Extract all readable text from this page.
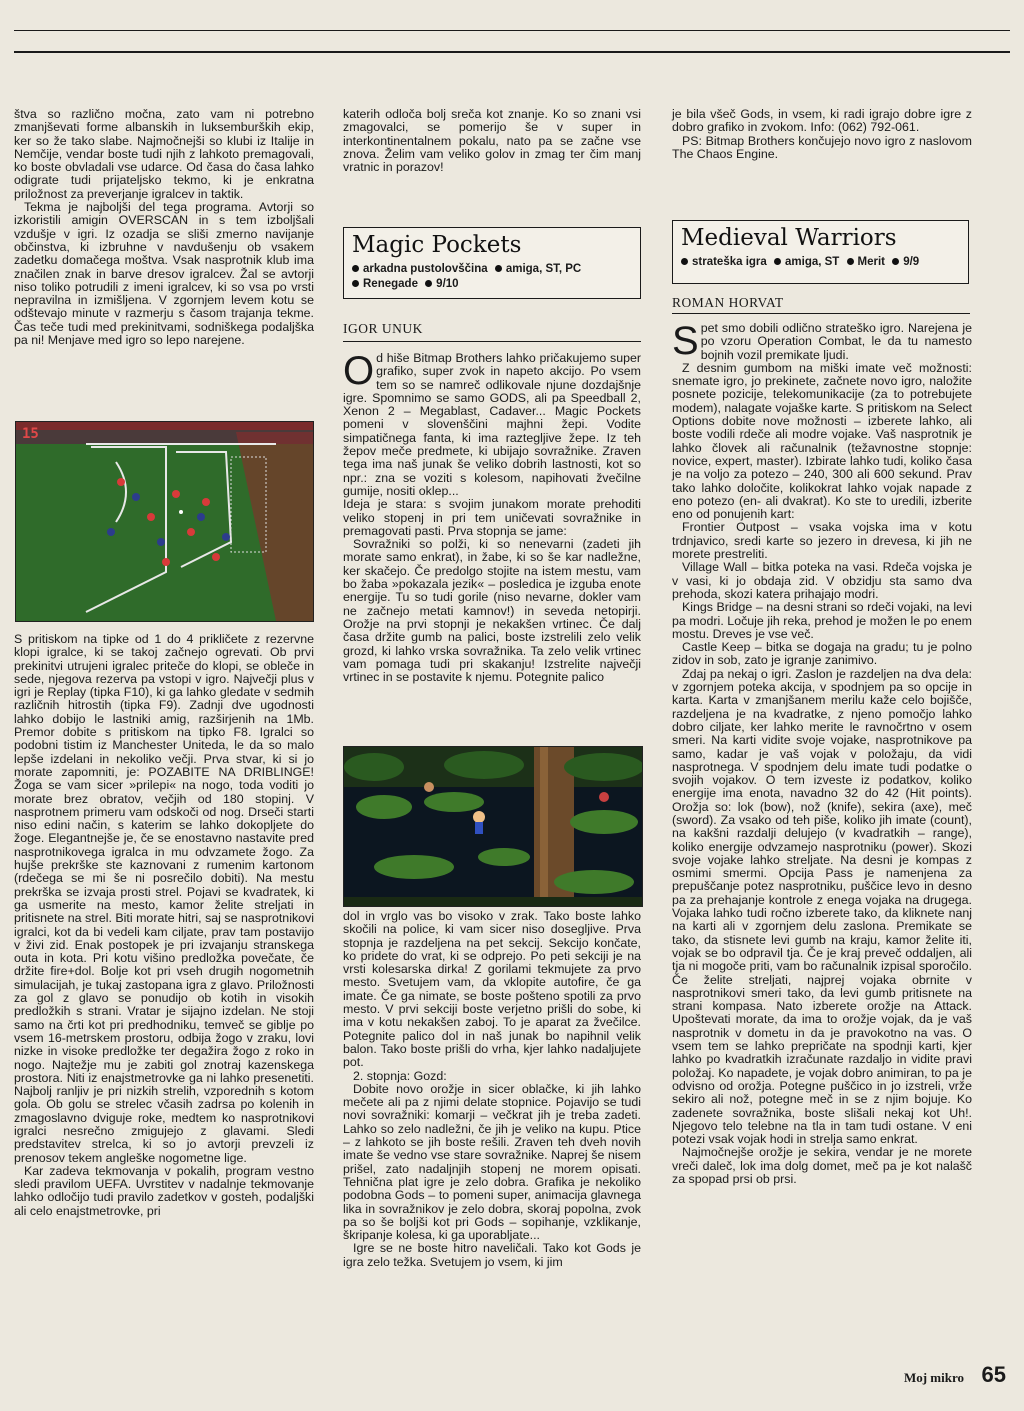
štva so različno močna, zato vam ni potrebno zmanjševati forme albanskih in luksemburških ekip, ker so že tako slabe. Najmočnejši so klubi iz Italije in Nemčije, vendar boste tudi njih z lahkoto premagovali, ko boste obvladali vse udarce. Od časa do časa lahko odigrate tudi prijateljsko tekmo, ki je enkratna priložnost za preverjanje igralcev in taktik.

Tekma je najboljši del tega programa. Avtorji so izkoristili amigin OVERSCAN in s tem izboljšali vzdušje v igri. Iz ozadja se sliši zmerno navijanje občinstva, ki izbruhne v navdušenju ob vsakem zadetku domačega moštva. Vsak nasprotnik klub ima značilen znak in barve dresov igralcev. Žal se avtorji niso toliko potrudili z imeni igralcev, ki so vsa po vrsti nepravilna in izmišljena. V zgornjem levem kotu se odštevajo minute v razmerju s časom trajanja tekme. Čas teče tudi med prekinitvami, sodniškega podaljška pa ni! Menjave med igro so lepo narejene.

15

S pritiskom na tipke od 1 do 4 prikličete z rezervne klopi igralce, ki se takoj začnejo ogrevati. Ob prvi prekinitvi utrujeni igralec priteče do klopi, se obleče in sede, njegova rezerva pa vstopi v igro. Največji plus v igri je Replay (tipka F10), ki ga lahko gledate v sedmih različnih hitrostih (tipka F9). Zadnji dve ugodnosti lahko dobijo le lastniki amig, razširjenih na 1Mb. Premor dobite s pritiskom na tipko F8. Igralci so podobni tistim iz Manchester Uniteda, le da so malo lepše izdelani in nekoliko večji. Prva stvar, ki si jo morate zapomniti, je: POZABITE NA DRIBLINGE! Žoga se vam sicer »prilepi« na nogo, toda voditi jo morate brez obratov, večjih od 180 stopinj. V nasprotnem primeru vam odskoči od nog. Drseči starti niso edini način, s katerim se lahko dokopljete do žoge. Elegantnejše je, če se enostavno nastavite pred nasprotnikovega igralca in mu odvzamete žogo. Za hujše prekrške ste kaznovani z rumenim kartonom (rdečega se mi še ni posrečilo dobiti). Na mestu prekrška se izvaja prosti strel. Pojavi se kvadratek, ki ga usmerite na mesto, kamor želite streljati in pritisnete na strel. Biti morate hitri, saj se nasprotnikovi igralci, kot da bi vedeli kam ciljate, prav tam postavijo v živi zid. Enak postopek je pri izvajanju stranskega outa in kota. Pri kotu višino predložka povečate, če držite fire+dol. Bolje kot pri vseh drugih nogometnih simulacijah, je tukaj zastopana igra z glavo. Priložnosti za gol z glavo se ponudijo ob kotih in visokih predložkih s strani. Vratar je sijajno izdelan. Ne stoji samo na črti kot pri predhodniku, temveč se giblje po vsem 16-metrskem prostoru, odbija žogo v zraku, lovi nizke in visoke predložke ter degažira žogo z roko in nogo. Najtežje mu je zabiti gol znotraj kazenskega prostora. Niti iz enajstmetrovke ga ni lahko presenetiti. Najbolj ranljiv je pri nizkih strelih, vzporednih s kotom gola. Ob golu se strelec včasih zadrsa po kolenih in zmagoslavno dviguje roke, medtem ko nasprotnikovi igralci nesrečno zmigujejo z glavami. Sledi predstavitev strelca, ki so jo avtorji prevzeli iz prenosov tekem angleške nogometne lige.

Kar zadeva tekmovanja v pokalih, program vestno sledi pravilom UEFA. Uvrstitev v nadalnje tekmovanje lahko odločijo tudi pravilo zadetkov v gosteh, podaljški ali celo enajstmetrovke, pri

katerih odloča bolj sreča kot znanje. Ko so znani vsi zmagovalci, se pomerijo še v super in interkontinentalnem pokalu, nato pa se začne vse znova. Želim vam veliko golov in zmag ter čim manj vratnic in porazov!

Magic Pockets
arkadna pustolovščina amiga, ST, PC
Renegade 9/10
IGOR UNUK

Od hiše Bitmap Brothers lahko pričakujemo super grafiko, super zvok in napeto akcijo. Po vsem tem so se namreč odlikovale njune dozdajšnje igre. Spomnimo se samo GODS, ali pa Speedball 2, Xenon 2 – Megablast, Cadaver... Magic Pockets pomeni v slovenščini majhni žepi. Vodite simpatičnega fanta, ki ima raztegljive žepe. Iz teh žepov meče predmete, ki ubijajo sovražnike. Zraven tega ima naš junak še veliko dobrih lastnosti, kot so npr.: zna se voziti s kolesom, napihovati žvečilne gumije, nositi oklep...

Ideja je stara: s svojim junakom morate prehoditi veliko stopenj in pri tem uničevati sovražnike in premagovati pasti. Prva stopnja se jame:

Sovražniki so polži, ki so nenevarni (zadeti jih morate samo enkrat), in žabe, ki so še kar nadležne, ker skačejo. Če predolgo stojite na istem mestu, vam bo žaba »pokazala jezik« – posledica je izguba enote energije. Tu so tudi gorile (niso nevarne, dokler vam ne začnejo metati kamnov!) in seveda netopirji. Orožje na prvi stopnji je nekakšen vrtinec. Če dalj časa držite gumb na palici, boste izstrelili zelo velik grozd, ki lahko vrska sovražnika. Ta zelo velik vrtinec vam pomaga tudi pri skakanju! Izstrelite največji vrtinec in se postavite k njemu. Potegnite palico

dol in vrglo vas bo visoko v zrak. Tako boste lahko skočili na police, ki vam sicer niso dosegljive. Prva stopnja je razdeljena na pet sekcij. Sekcijo končate, ko pridete do vrat, ki se odprejo. Po peti sekciji je na vrsti kolesarska dirka! Z gorilami tekmujete za prvo mesto. Svetujem vam, da vklopite autofire, če ga imate. Če ga nimate, se boste pošteno spotili za prvo mesto. V prvi sekciji boste verjetno prišli do sobe, ki ima v kotu nekakšen zaboj. To je aparat za žvečilce. Potegnite palico dol in naš junak bo napihnil velik balon. Tako boste prišli do vrha, kjer lahko nadaljujete pot.

2. stopnja: Gozd:

Dobite novo orožje in sicer oblačke, ki jih lahko mečete ali pa z njimi delate stopnice. Pojavijo se tudi novi sovražniki: komarji – večkrat jih je treba zadeti. Lahko so zelo nadležni, če jih je veliko na kupu. Ptice – z lahkoto se jih boste rešili. Zraven teh dveh novih imate še vedno vse stare sovražnike. Naprej še nisem prišel, zato nadaljnjih stopenj ne morem opisati. Tehnična plat igre je zelo dobra. Grafika je nekoliko podobna Gods – to pomeni super, animacija glavnega lika in sovražnikov je zelo dobra, skoraj popolna, zvok pa so še boljši kot pri Gods – sopihanje, vzklikanje, škripanje kolesa, ki ga uporabljate...

Igre se ne boste hitro naveličali. Tako kot Gods je igra zelo težka. Svetujem jo vsem, ki jim

je bila všeč Gods, in vsem, ki radi igrajo dobre igre z dobro grafiko in zvokom. Info: (062) 792-061.

PS: Bitmap Brothers končujejo novo igro z naslovom The Chaos Engine.

Medieval Warriors
strateška igra amiga, ST Merit 9/9
ROMAN HORVAT

Spet smo dobili odlično strateško igro. Narejena je po vzoru Operation Combat, le da tu namesto bojnih vozil premikate ljudi.

Z desnim gumbom na miški imate več možnosti: snemate igro, jo prekinete, začnete novo igro, naložite posnete pozicije, telekomunikacije (za to potrebujete modem), nalagate vojaške karte. S pritiskom na Select Options dobite nove možnosti – izberete lahko, ali boste vodili rdeče ali modre vojake. Vaš nasprotnik je lahko človek ali računalnik (težavnostne stopnje: novice, expert, master). Izbirate lahko tudi, koliko časa je na voljo za potezo – 240, 300 ali 600 sekund. Prav tako lahko določite, kolikokrat lahko vojak napade z eno potezo (en- ali dvakrat). Ko ste to uredili, izberite eno od ponujenih kart:

Frontier Outpost – vsaka vojska ima v kotu trdnjavico, sredi karte so jezero in drevesa, ki jih ne morete prestreliti.

Village Wall – bitka poteka na vasi. Rdeča vojska je v vasi, ki jo obdaja zid. V obzidju sta samo dva prehoda, skozi katera prihajajo modri.

Kings Bridge – na desni strani so rdeči vojaki, na levi pa modri. Ločuje jih reka, prehod je možen le po enem mostu. Dreves je vse več.

Castle Keep – bitka se dogaja na gradu; tu je polno zidov in sob, zato je igranje zanimivo.

Zdaj pa nekaj o igri. Zaslon je razdeljen na dva dela: v zgornjem poteka akcija, v spodnjem pa so opcije in karta. Karta v zmanjšanem merilu kaže celo bojišče, razdeljena je na kvadratke, z njeno pomočjo lahko dobro ciljate, ker lahko merite le ravnočrtno v osem smeri. Na karti vidite svoje vojake, nasprotnikove pa samo, kadar je vaš vojak v položaju, da vidi nasprotnega. V spodnjem delu imate tudi podatke o svojih vojakov. O tem izveste iz podatkov, koliko energije ima enota, navadno 32 do 42 (Hit points). Orožja so: lok (bow), nož (knife), sekira (axe), meč (sword). Za vsako od teh piše, koliko jih imate (count), na kakšni razdalji delujejo (v kvadratkih – range), koliko energije odvzamejo nasprotniku (power). Skozi svoje vojake lahko streljate. Na desni je kompas z osmimi smermi. Opcija Pass je namenjena za prepuščanje potez nasprotniku, puščice levo in desno pa za prehajanje kontrole z enega vojaka na drugega. Vojaka lahko tudi ročno izberete tako, da kliknete nanj na karti ali v zgornjem delu zaslona. Premikate se tako, da stisnete levi gumb na kraju, kamor želite iti, vojak se bo odpravil tja. Če je kraj preveč oddaljen, ali tja ni mogoče priti, vam bo računalnik izpisal sporočilo. Če želite streljati, najprej vojaka obrnite v nasprotnikovi smeri tako, da levi gumb pritisnete na strani kompasa. Nato izberete orožje na Attack. Upoštevati morate, da ima to orožje vojak, da je vaš nasprotnik v dometu in da je pravokotno na vas. O vsem tem se lahko prepričate na spodnji karti, kjer lahko po kvadratkih izračunate razdaljo in vidite pravi položaj. Ko napadete, je vojak dobro animiran, to pa je odvisno od orožja. Potegne puščico in jo izstreli, vrže sekiro ali nož, potegne meč in se z njim bojuje. Ko zadenete sovražnika, boste slišali nekaj kot Uh!. Njegovo telo telebne na tla in tam tudi ostane. V eni potezi vsak vojak hodi in strelja samo enkrat.

Najmočnejše orožje je sekira, vendar je ne morete vreči daleč, lok ima dolg domet, meč pa je kot nalašč za spopad prsi ob prsi.

Moj mikro 65
